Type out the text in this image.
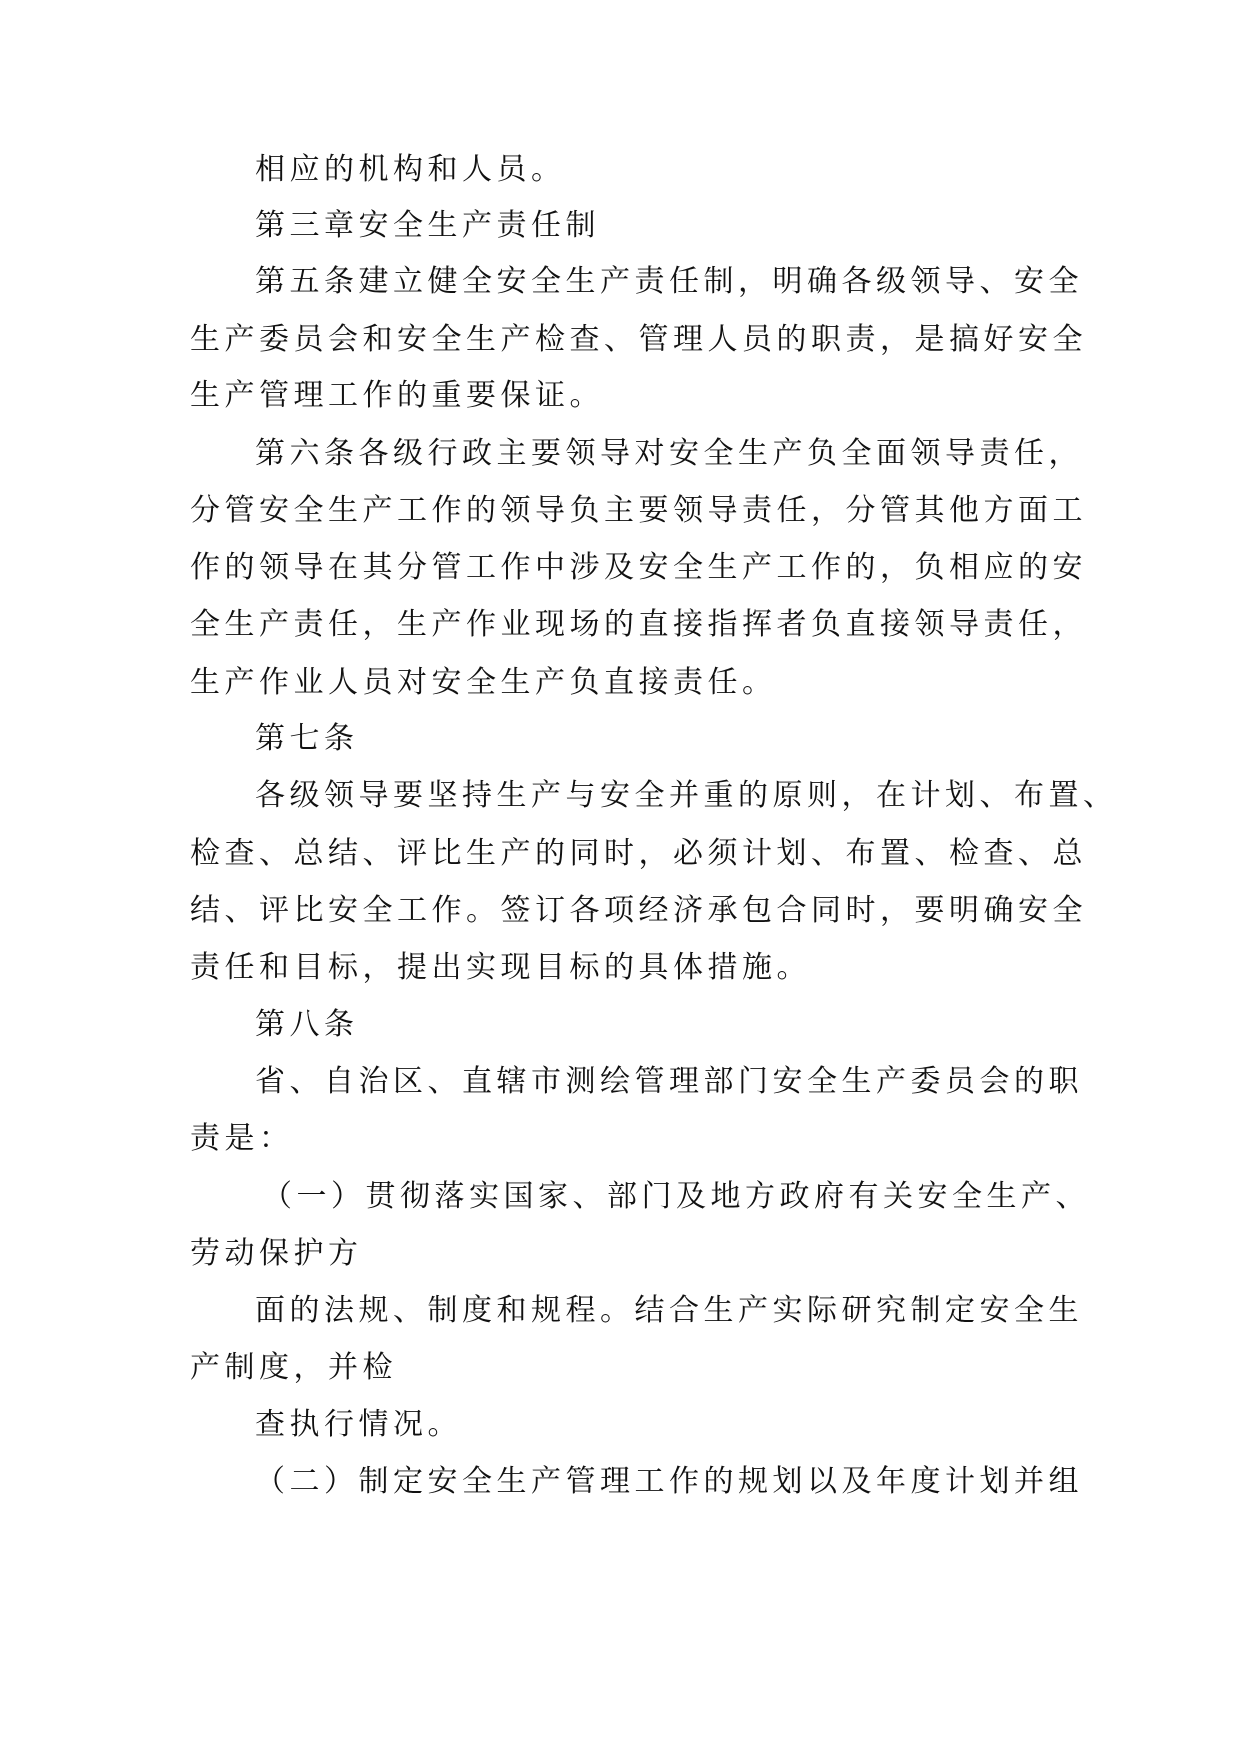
相应的机构和人员。
第三章安全生产责任制
第五条建立健全安全生产责任制，明确各级领导、安全
生产委员会和安全生产检查、管理人员的职责，是搞好安全
生产管理工作的重要保证。
第六条各级行政主要领导对安全生产负全面领导责任，
分管安全生产工作的领导负主要领导责任，分管其他方面工
作的领导在其分管工作中涉及安全生产工作的，负相应的安
全生产责任，生产作业现场的直接指挥者负直接领导责任，
生产作业人员对安全生产负直接责任。
第七条
各级领导要坚持生产与安全并重的原则，在计划、布置、
检查、总结、评比生产的同时，必须计划、布置、检查、总
结、评比安全工作。签订各项经济承包合同时，要明确安全
责任和目标，提出实现目标的具体措施。
第八条
省、自治区、直辖市测绘管理部门安全生产委员会的职
责是：
（一）贯彻落实国家、部门及地方政府有关安全生产、
劳动保护方
面的法规、制度和规程。结合生产实际研究制定安全生
产制度，并检
查执行情况。
（二）制定安全生产管理工作的规划以及年度计划并组
